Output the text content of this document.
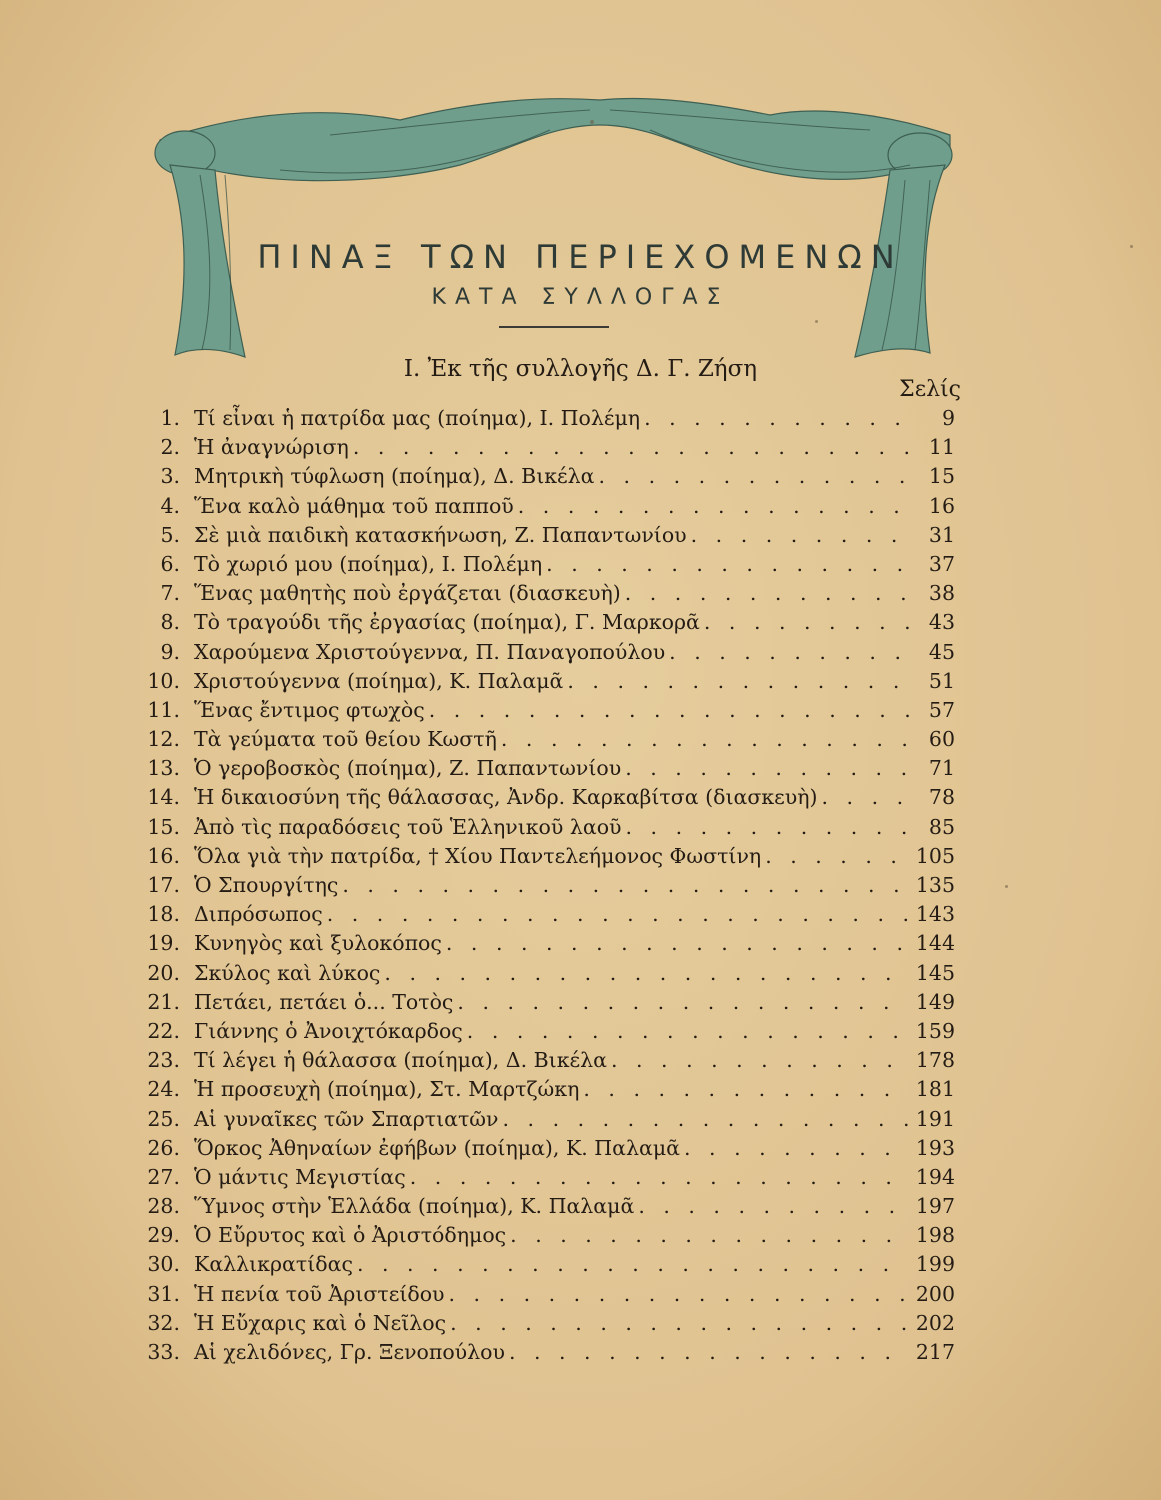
ΠΙΝΑΞ ΤΩΝ ΠΕΡΙΕΧΟΜΕΝΩΝ
ΚΑΤΑ ΣΥΛΛΟΓΑΣ
I. Ἐκ τῆς συλλογῆς Δ. Γ. Ζήση
Σελίς
1. Τί εἶναι ἡ πατρίδα μας (ποίημα), Ι. Πολέμη . . .	9
2. Ἡ ἀναγνώριση . . .	11
3. Μητρικὴ τύφλωση (ποίημα), Δ. Βικέλα . . .	15
4. Ἕνα καλὸ μάθημα τοῦ παπποῦ . . .	16
5. Σὲ μιὰ παιδικὴ κατασκήνωση, Ζ. Παπαντωνίου . . .	31
6. Τὸ χωριό μου (ποίημα), Ι. Πολέμη . . .	37
7. Ἕνας μαθητὴς ποὺ ἐργάζεται (διασκευὴ) . . .	38
8. Τὸ τραγούδι τῆς ἐργασίας (ποίημα), Γ. Μαρκορᾶ . . .	43
9. Χαρούμενα Χριστούγεννα, Π. Παναγοπούλου . . .	45
10. Χριστούγεννα (ποίημα), Κ. Παλαμᾶ . . .	51
11. Ἕνας ἔντιμος φτωχὸς . . .	57
12. Τὰ γεύματα τοῦ θείου Κωστῆ . . .	60
13. Ὁ γεροβοσκὸς (ποίημα), Ζ. Παπαντωνίου . . .	71
14. Ἡ δικαιοσύνη τῆς θάλασσας, Ἀνδρ. Καρκαβίτσα (διασκευὴ) . . .	78
15. Ἀπὸ τὶς παραδόσεις τοῦ Ἑλληνικοῦ λαοῦ . . .	85
16. Ὅλα γιὰ τὴν πατρίδα, † Χίου Παντελεήμονος Φωστίνη . . .	105
17. Ὁ Σπουργίτης . . .	135
18. Διπρόσωπος . . .	143
19. Κυνηγὸς καὶ ξυλοκόπος . . .	144
20. Σκύλος καὶ λύκος . . .	145
21. Πετάει, πετάει ὁ... Τοτὸς . . .	149
22. Γιάννης ὁ Ἀνοιχτόκαρδος . . .	159
23. Τί λέγει ἡ θάλασσα (ποίημα), Δ. Βικέλα . . .	178
24. Ἡ προσευχὴ (ποίημα), Στ. Μαρτζώκη . . .	181
25. Αἱ γυναῖκες τῶν Σπαρτιατῶν . . .	191
26. Ὅρκος Ἀθηναίων ἐφήβων (ποίημα), Κ. Παλαμᾶ . . .	193
27. Ὁ μάντις Μεγιστίας . . .	194
28. Ὕμνος στὴν Ἑλλάδα (ποίημα), Κ. Παλαμᾶ . . .	197
29. Ὁ Εὔρυτος καὶ ὁ Ἀριστόδημος . . .	198
30. Καλλικρατίδας . . .	199
31. Ἡ πενία τοῦ Ἀριστείδου . . .	200
32. Ἡ Εὔχαρις καὶ ὁ Νεῖλος . . .	202
33. Αἱ χελιδόνες, Γρ. Ξενοπούλου . . .	217
